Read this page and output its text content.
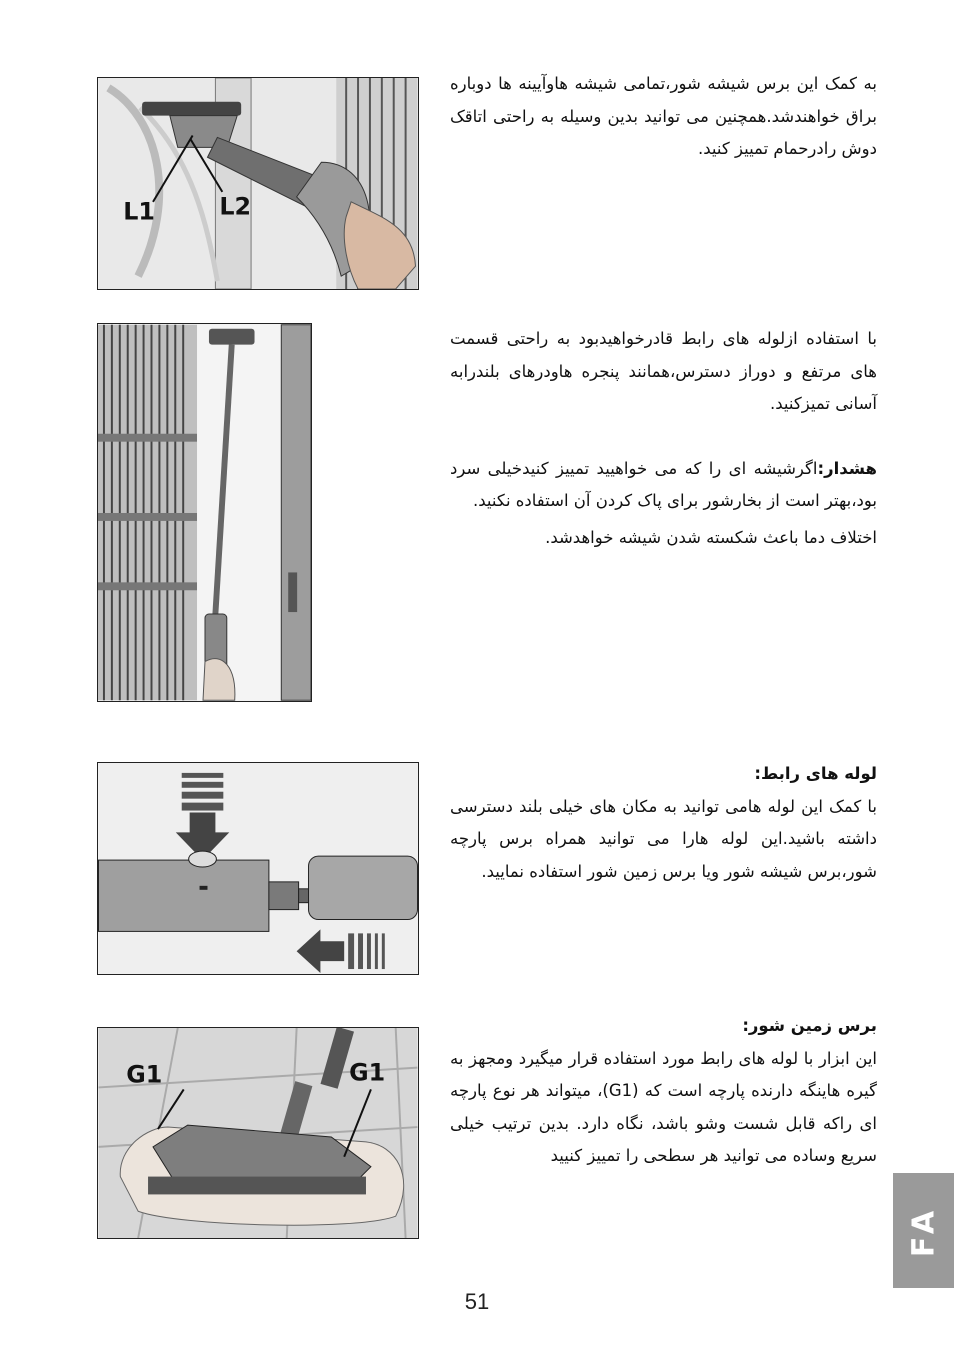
L1	L2

به کمک این برس شیشه شور،تمامی شیشه هاوآیینه ها دوباره براق خواهندشد.همچنین می توانید بدین وسیله به راحتی اتاقک دوش رادرحمام تمییز کنید.

با استفاده ازلوله های رابط قادرخواهیدبود به راحتی قسمت های مرتفع و دوراز دسترس،همانند پنجره هاودرهای بلندرابه آسانی تمیزکنید.

هشدار:اگرشیشه ای را که می خواهیید تمییز کنیدخیلی سرد بود،بهتر است از بخارشور برای پاک کردن آن استفاده نکنید.

اختلاف دما باعث شکسته شدن شیشه خواهدشد.

لوله های رابط:

با کمک این لوله هامی توانید به مکان های خیلی بلند دسترسی داشته باشید.این لوله هارا می توانید همراه برس پارچه شور،برس شیشه شور ویا برس زمین شور استفاده نمایید.

G1	G1

برس زمین شور:

این ابزار با لوله های رابط مورد استفاده قرار میگیرد ومجهز به گیره هاینگه دارنده پارچه است که (G1)، میتواند هر نوع پارچه ای راکه قابل شست وشو باشد، نگاه دارد. بدین ترتیب خیلی سریع وساده می توانید هر سطحی را تمییز کنیید

FA
51
